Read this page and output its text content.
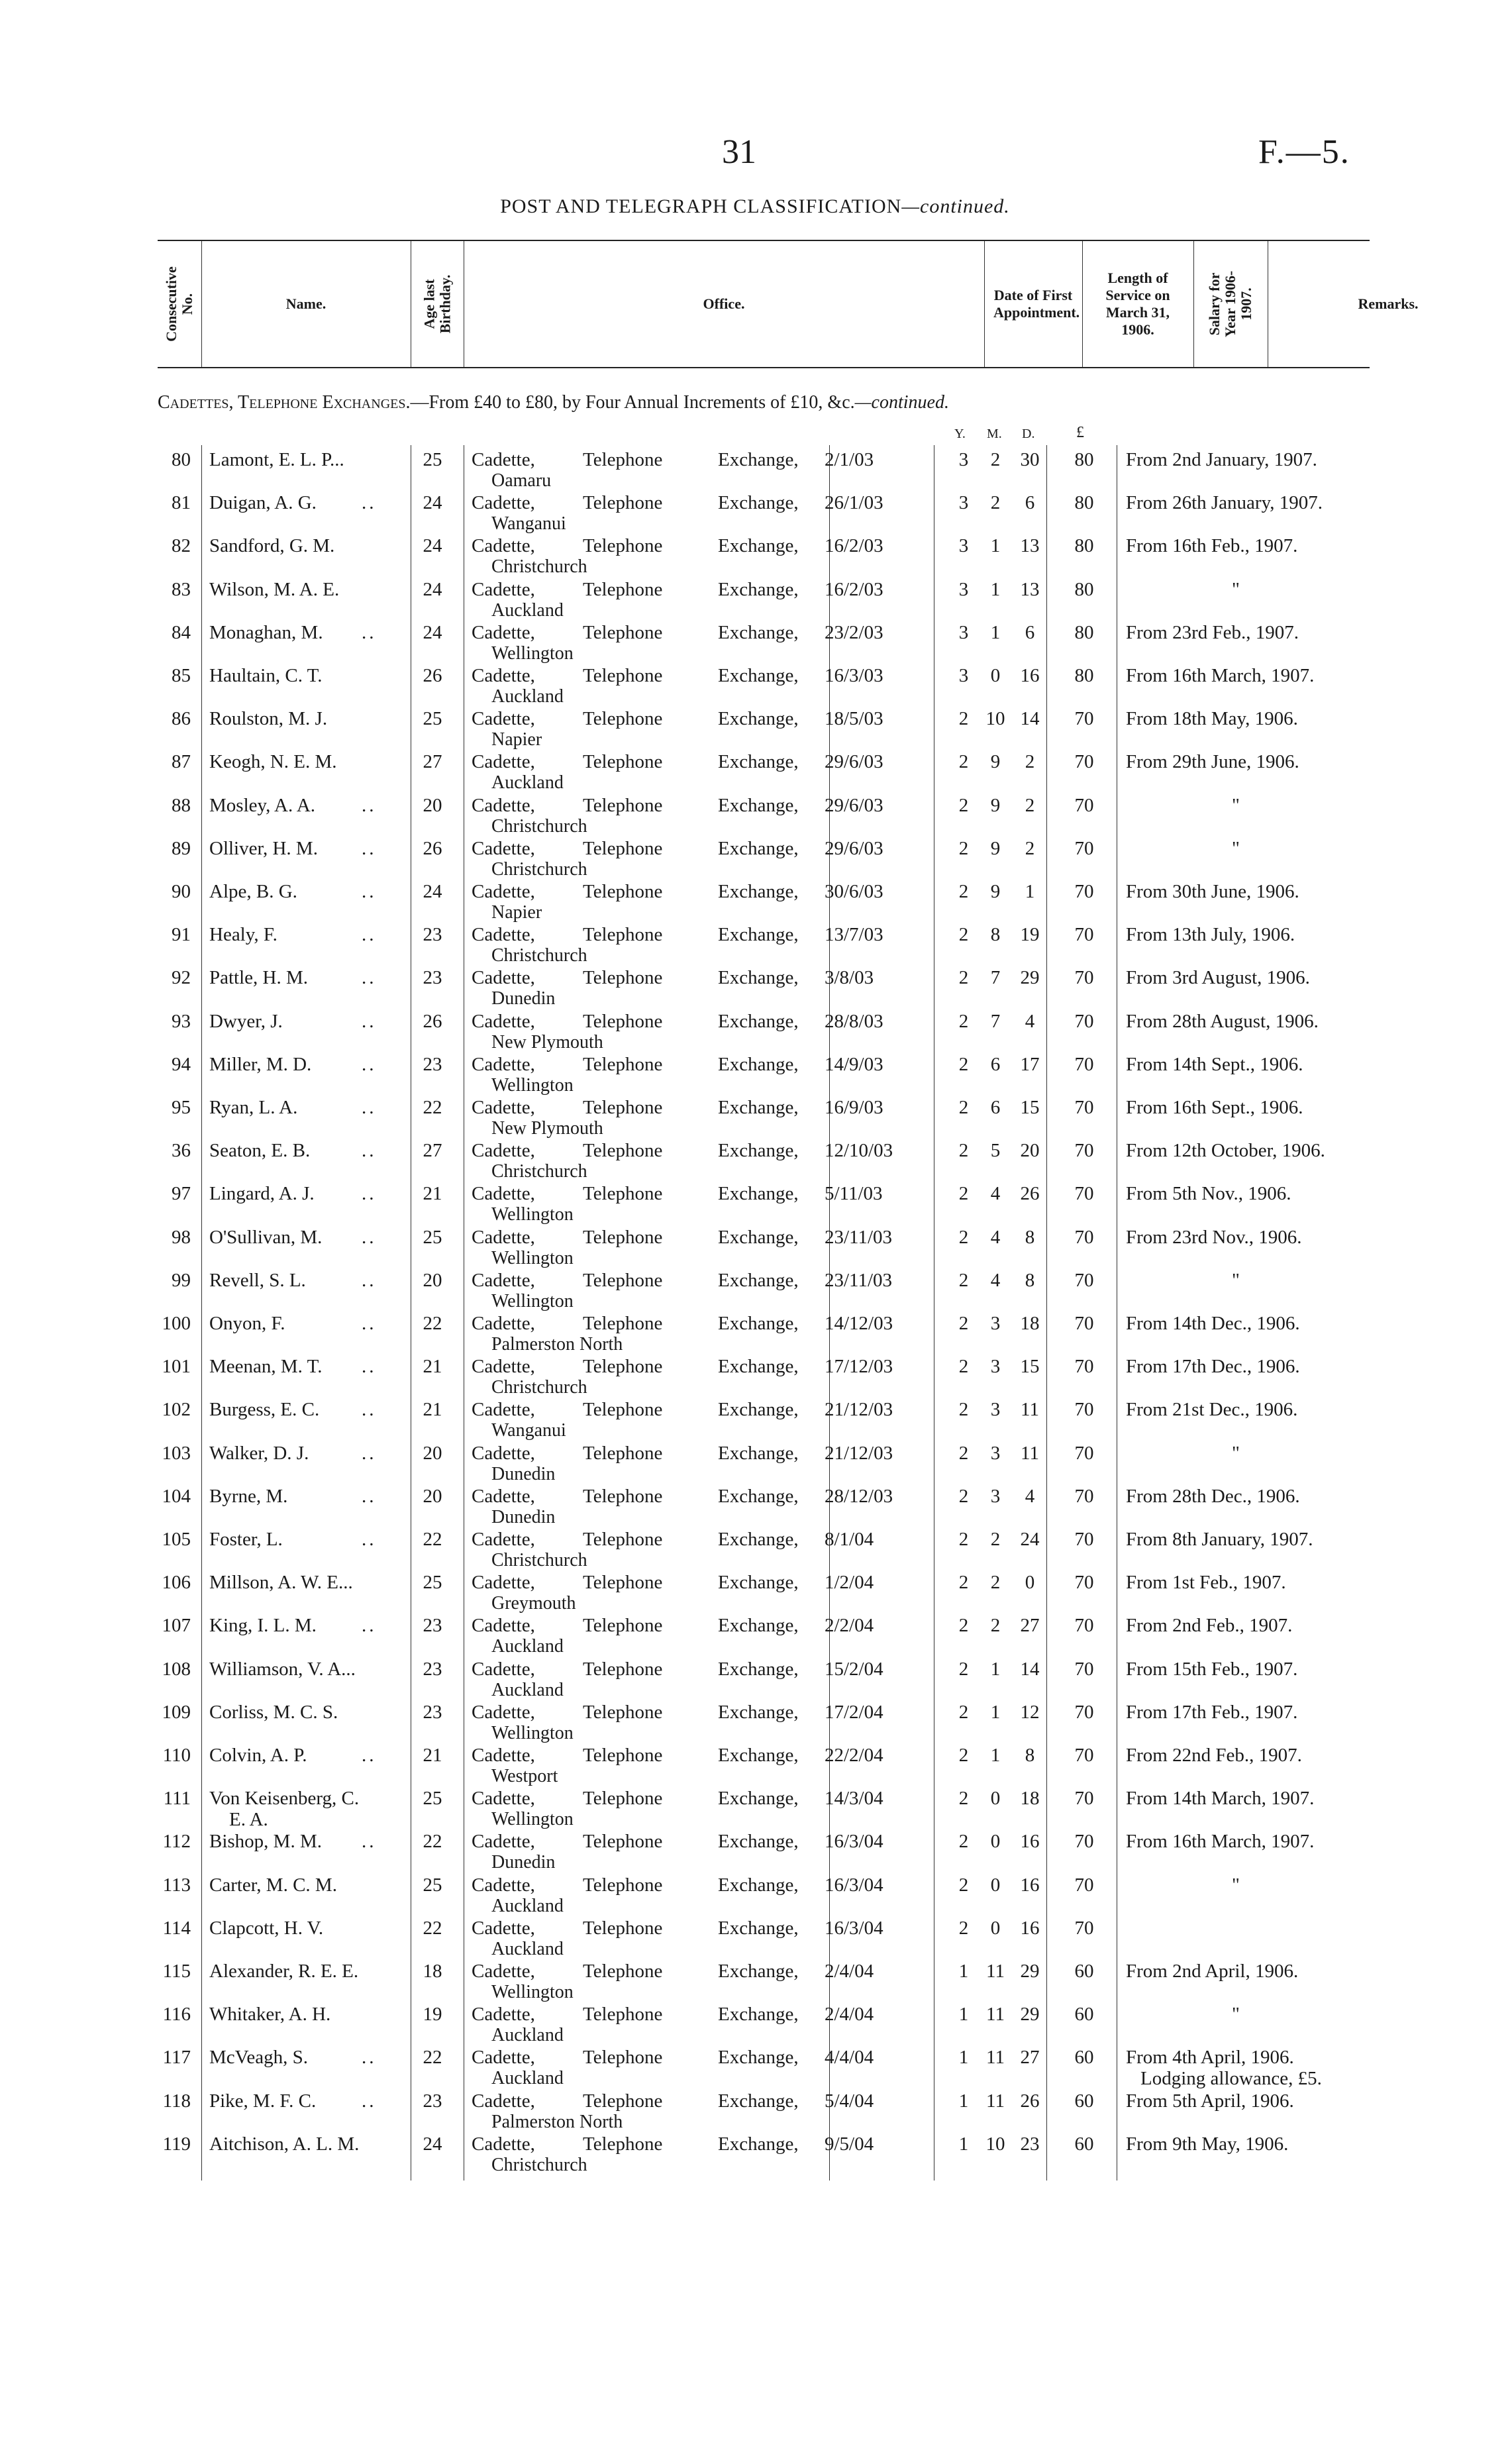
31	F.—5.
POST AND TELEGRAPH CLASSIFICATION—continued.
Consecutive No.	Name.	Age last Birthday.	Office.
Date of First Appointment.
Length of Service on March 31, 1906.	Salary for Year 1906-1907.	Remarks.
Cadettes, Telephone Exchanges.—From £40 to £80, by Four Annual Increments of £10, &c.—continued.
Y. M. D.	£
80 Lamont, E. L. P...	25 Cadette, Telephone	Exchange,
Oamaru
2/1/03	3	2	30	80	From 2nd January, 1907.
81 Duigan, A. G. .. 24 Cadette, Telephone	Exchange,
Wanganui
26/1/03	3	2	6	80	From 26th January, 1907.
82 Sandford, G. M.	24 Cadette, Telephone	Exchange,
Christchurch
16/2/03	3	1	13	80	From 16th Feb., 1907.
83 Wilson, M. A. E.	24 Cadette, Telephone	Exchange,
Auckland
16/2/03	3	1	13	80	"
84 Monaghan, M. .. 24 Cadette, Telephone	Exchange,
Wellington
23/2/03	3	1	6	80	From 23rd Feb., 1907.
85 Haultain, C. T.	26 Cadette, Telephone	Exchange,
Auckland
16/3/03	3	0	16	80	From 16th March, 1907.
86 Roulston, M. J.	25 Cadette, Telephone	Exchange,
Napier
18/5/03	2 10 14	70	From 18th May, 1906.
87 Keogh, N. E. M.	27 Cadette, Telephone	Exchange,
Auckland
29/6/03	2	9	2	70	From 29th June, 1906.
88 Mosley, A. A. .. 20 Cadette, Telephone	Exchange,
Christchurch
29/6/03	2	9	2	70	"
89 Olliver, H. M. .. 26 Cadette, Telephone	Exchange,
Christchurch
29/6/03	2	9	2	70	"
90 Alpe, B. G.	.. 24 Cadette, Telephone	Exchange,
Napier
30/6/03	2	9	1	70	From 30th June, 1906.
91 Healy, F.	.. 23 Cadette, Telephone	Exchange,
Christchurch
13/7/03	2	8	19	70	From 13th July, 1906.
92 Pattle, H. M.	.. 23 Cadette, Telephone	Exchange,
Dunedin
3/8/03	2	7	29	70	From 3rd August, 1906.
93 Dwyer, J.	.. 26 Cadette, Telephone	Exchange,
New Plymouth
28/8/03	2	7	4	70	From 28th August, 1906.
94 Miller, M. D.	.. 23 Cadette, Telephone	Exchange,
Wellington
14/9/03	2	6	17	70	From 14th Sept., 1906.
95 Ryan, L. A.	.. 22 Cadette, Telephone	Exchange,
New Plymouth
16/9/03	2	6	15	70	From 16th Sept., 1906.
36 Seaton, E. B.	.. 27 Cadette, Telephone	Exchange,
Christchurch
12/10/03	2	5	20	70	From 12th October, 1906.
97 Lingard, A. J. .. 21 Cadette, Telephone	Exchange,
Wellington
5/11/03	2	4	26	70	From 5th Nov., 1906.
98 O'Sullivan, M. .. 25 Cadette, Telephone	Exchange,
Wellington
23/11/03	2	4	8	70	From 23rd Nov., 1906.
99 Revell, S. L.	.. 20 Cadette, Telephone	Exchange,
Wellington
23/11/03	2	4	8	70	"
100 Onyon, F.	.. 22 Cadette, Telephone	Exchange,
Palmerston North
14/12/03	2	3	18	70	From 14th Dec., 1906.
101 Meenan, M. T. .. 21 Cadette, Telephone	Exchange,
Christchurch
17/12/03	2	3	15	70	From 17th Dec., 1906.
102 Burgess, E. C. .. 21 Cadette, Telephone	Exchange,
Wanganui
21/12/03	2	3	11	70	From 21st Dec., 1906.
103 Walker, D. J.	.. 20 Cadette, Telephone	Exchange,
Dunedin
21/12/03	2	3	11	70	"
104 Byrne, M.	.. 20 Cadette, Telephone	Exchange,
Dunedin
28/12/03	2	3	4	70	From 28th Dec., 1906.
105 Foster, L.	.. 22 Cadette, Telephone	Exchange,
Christchurch
8/1/04	2	2	24	70	From 8th January, 1907.
106 Millson, A. W. E...	25 Cadette, Telephone	Exchange,
Greymouth
1/2/04	2	2	0	70	From 1st Feb., 1907.
107 King, I. L. M. .. 23 Cadette, Telephone	Exchange,
Auckland
2/2/04	2	2	27	70	From 2nd Feb., 1907.
108 Williamson, V. A...	23 Cadette, Telephone	Exchange,
Auckland
15/2/04	2	1	14	70	From 15th Feb., 1907.
109 Corliss, M. C. S.	23 Cadette, Telephone	Exchange,
Wellington
17/2/04	2	1	12	70	From 17th Feb., 1907.
110 Colvin, A. P.	.. 21 Cadette, Telephone	Exchange,
Westport
22/2/04	2	1	8	70	From 22nd Feb., 1907.
111 Von Keisenberg, C.
E. A.
25 Cadette, Telephone	Exchange,
Wellington
14/3/04	2	0	18	70	From 14th March, 1907.
112 Bishop, M. M. .. 22 Cadette, Telephone	Exchange,
Dunedin
16/3/04	2	0	16	70	From 16th March, 1907.
113 Carter, M. C. M.	25 Cadette, Telephone	Exchange,
Auckland
16/3/04	2	0	16	70	"
114 Clapcott, H. V.	22 Cadette, Telephone	Exchange,
Auckland
16/3/04	2	0	16	70
115 Alexander, R. E. E.	18 Cadette, Telephone	Exchange,
Wellington
2/4/04	1 11 29	60	From 2nd April, 1906.
116 Whitaker, A. H.	19 Cadette, Telephone	Exchange,
Auckland
2/4/04	1 11 29	60	"
117 McVeagh, S.	.. 22 Cadette, Telephone	Exchange,
Auckland
4/4/04	1 11 27	60	From 4th April, 1906.
Lodging allowance, £5.
118 Pike, M. F. C. .. 23 Cadette, Telephone	Exchange,
Palmerston North
5/4/04	1 11 26	60	From 5th April, 1906.
119 Aitchison, A. L. M.	24 Cadette, Telephone	Exchange,
Christchurch
9/5/04	1 10 23	60	From 9th May, 1906.
